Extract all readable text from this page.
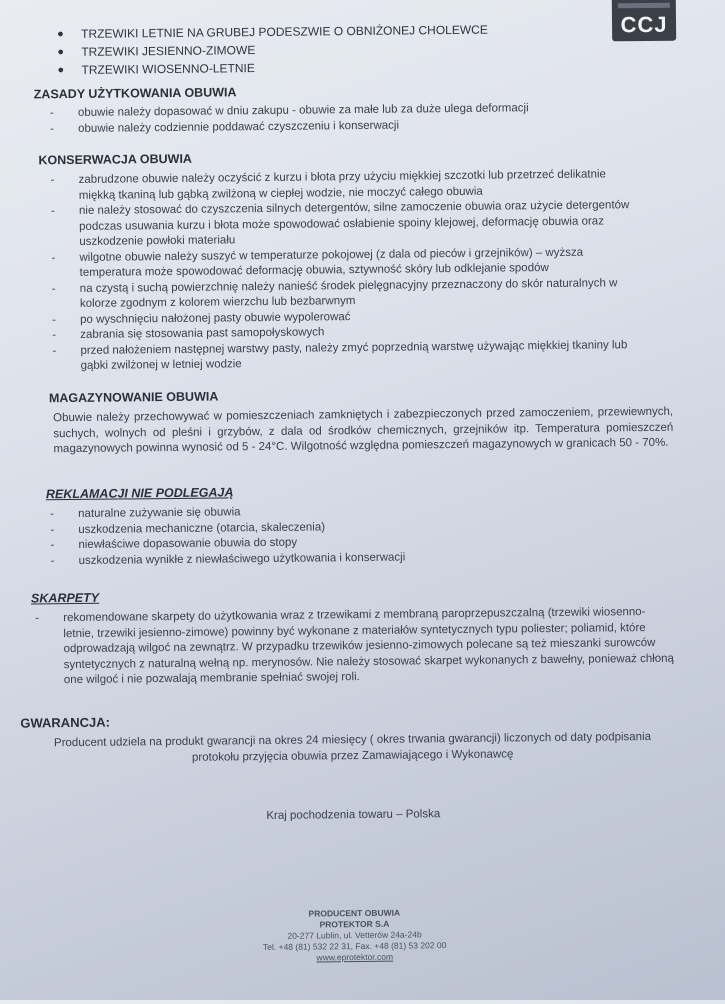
CCJ
●	TRZEWIKI LETNIE NA GRUBEJ PODESZWIE O OBNIŻONEJ CHOLEWCE
●	TRZEWIKI JESIENNO-ZIMOWE
●	TRZEWIKI WIOSENNO-LETNIE
ZASADY UŻYTKOWANIA OBUWIA
-	obuwie należy dopasować w dniu zakupu - obuwie za małe lub za duże ulega deformacji
-	obuwie należy codziennie poddawać czyszczeniu i konserwacji
KONSERWACJA OBUWIA
-	zabrudzone obuwie należy oczyścić z kurzu i błota przy użyciu miękkiej szczotki lub przetrzeć delikatnie miękką tkaniną lub gąbką zwilżoną w ciepłej wodzie, nie moczyć całego obuwia
-	nie należy stosować do czyszczenia silnych detergentów, silne zamoczenie obuwia oraz użycie detergentów podczas usuwania kurzu i błota może spowodować osłabienie spoiny klejowej, deformację obuwia oraz uszkodzenie powłoki materiału
-	wilgotne obuwie należy suszyć w temperaturze pokojowej (z dala od pieców i grzejników) – wyższa temperatura może spowodować deformację obuwia, sztywność skóry lub odklejanie spodów
-	na czystą i suchą powierzchnię należy nanieść środek pielęgnacyjny przeznaczony do skór naturalnych w kolorze zgodnym z kolorem wierzchu lub bezbarwnym
-	po wyschnięciu nałożonej pasty obuwie wypolerować
-	zabrania się stosowania past samopołyskowych
-	przed nałożeniem następnej warstwy pasty, należy zmyć poprzednią warstwę używając miękkiej tkaniny lub gąbki zwilżonej w letniej wodzie
MAGAZYNOWANIE OBUWIA
Obuwie należy przechowywać w pomieszczeniach zamkniętych i zabezpieczonych przed zamoczeniem, przewiewnych, suchych, wolnych od pleśni i grzybów, z dala od środków chemicznych, grzejników itp. Temperatura pomieszczeń magazynowych powinna wynosić od 5 - 24°C. Wilgotność względna pomieszczeń magazynowych w granicach 50 - 70%.
REKLAMACJI NIE PODLEGAJĄ
-	naturalne zużywanie się obuwia
-	uszkodzenia mechaniczne (otarcia, skaleczenia)
-	niewłaściwe dopasowanie obuwia do stopy
-	uszkodzenia wynikłe z niewłaściwego użytkowania i konserwacji
SKARPETY
-	rekomendowane skarpety do użytkowania wraz z trzewikami z membraną paroprzepuszczalną (trzewiki wiosenno-letnie, trzewiki jesienno-zimowe) powinny być wykonane z materiałów syntetycznych typu poliester; poliamid, które odprowadzają wilgoć na zewnątrz. W przypadku trzewików jesienno-zimowych polecane są też mieszanki surowców syntetycznych z naturalną wełną np. merynosów. Nie należy stosować skarpet wykonanych z bawełny, ponieważ chłoną one wilgoć i nie pozwalają membranie spełniać swojej roli.
GWARANCJA:
Producent udziela na produkt gwarancji na okres 24 miesięcy ( okres trwania gwarancji) liczonych od daty podpisania protokołu przyjęcia obuwia przez Zamawiającego i Wykonawcę
Kraj pochodzenia towaru – Polska
PRODUCENT OBUWIA
PROTEKTOR S.A
20-277 Lublin, ul. Vetterów 24a-24b
Tel. +48 (81) 532 22 31, Fax. +48 (81) 53 202 00
www.eprotektor.com
